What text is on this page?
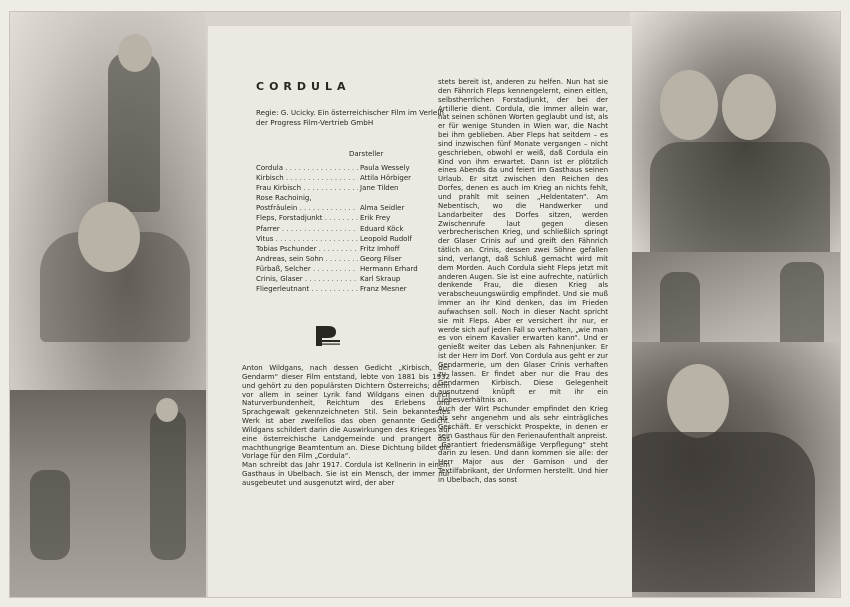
CORDULA
Regie: G. Ucicky. Ein österreichischer Film im Verleih der Progress Film-Vertrieb GmbH
Darsteller
Cordula . . .	Paula Wessely
Kirbisch . . .	Attila Hörbiger
Frau Kirbisch . . .	Jane Tilden
Rose Rachoinig,
Postfräulein . . .	Alma Seidler
Fleps, Forstadjunkt . . .	Erik Frey
Pfarrer . . .	Eduard Köck
Vitus . . .	Leopold Rudolf
Tobias Pschunder . . .	Fritz Imhoff
Andreas, sein Sohn . . .	Georg Filser
Fürbaß, Selcher . . .	Hermann Erhard
Crinis, Glaser . . .	Karl Skraup
Fliegerleutnant . . .	Franz Mesner

Anton Wildgans, nach dessen Gedicht „Kirbisch, der Gendarm“ dieser Film entstand, lebte von 1881 bis 1932 und gehört zu den populärsten Dichtern Österreichs; denn vor allem in seiner Lyrik fand Wildgans einen durch Naturverbundenheit, Reichtum des Erlebens und Sprachgewalt gekennzeichneten Stil. Sein bekanntestes Werk ist aber zweifellos das oben genannte Gedicht. Wildgans schildert darin die Auswirkungen des Krieges auf eine österreichische Landgemeinde und prangert das machthungrige Beamtentum an. Diese Dichtung bildet die Vorlage für den Film „Cordula“.

Man schreibt das Jahr 1917. Cordula ist Kellnerin in einem Gasthaus in Ubelbach. Sie ist ein Mensch, der immer nur ausgebeutet und ausgenutzt wird, der aber

stets bereit ist, anderen zu helfen. Nun hat sie den Fähnrich Fleps kennengelernt, einen eitlen, selbstherrlichen Forstadjunkt, der bei der Artillerie dient. Cordula, die immer allein war, hat seinen schönen Worten geglaubt und ist, als er für wenige Stunden in Wien war, die Nacht bei ihm geblieben. Aber Fleps hat seitdem – es sind inzwischen fünf Monate vergangen – nicht geschrieben, obwohl er weiß, daß Cordula ein Kind von ihm erwartet. Dann ist er plötzlich eines Abends da und feiert im Gasthaus seinen Urlaub. Er sitzt zwischen den Reichen des Dorfes, denen es auch im Krieg an nichts fehlt, und prahlt mit seinen „Heldentaten“. Am Nebentisch, wo die Handwerker und Landarbeiter des Dorfes sitzen, werden Zwischenrufe laut gegen diesen verbrecherischen Krieg, und schließlich springt der Glaser Crinis auf und greift den Fähnrich tätlich an. Crinis, dessen zwei Söhne gefallen sind, verlangt, daß Schluß gemacht wird mit dem Morden. Auch Cordula sieht Fleps jetzt mit anderen Augen. Sie ist eine aufrechte, natürlich denkende Frau, die diesen Krieg als verabscheuungswürdig empfindet. Und sie muß immer an ihr Kind denken, das im Frieden aufwachsen soll. Noch in dieser Nacht spricht sie mit Fleps. Aber er versichert ihr nur, er werde sich auf jeden Fall so verhalten, „wie man es von einem Kavalier erwarten kann“. Und er genießt weiter das Leben als Fahnenjunker. Er ist der Herr im Dorf. Von Cordula aus geht er zur Gendarmerie, um den Glaser Crinis verhaften zu lassen. Er findet aber nur die Frau des Gendarmen Kirbisch. Diese Gelegenheit ausnutzend knüpft er mit ihr ein Liebesverhältnis an.

Auch der Wirt Pschunder empfindet den Krieg als sehr angenehm und als sehr einträgliches Geschäft. Er verschickt Prospekte, in denen er sein Gasthaus für den Ferienaufenthalt anpreist.

„Garantiert friedensmäßige Verpflegung“ steht darin zu lesen. Und dann kommen sie alle: der Herr Major aus der Garnison und der Textilfabrikant, der Unformen herstellt. Und hier in Ubelbach, das sonst
